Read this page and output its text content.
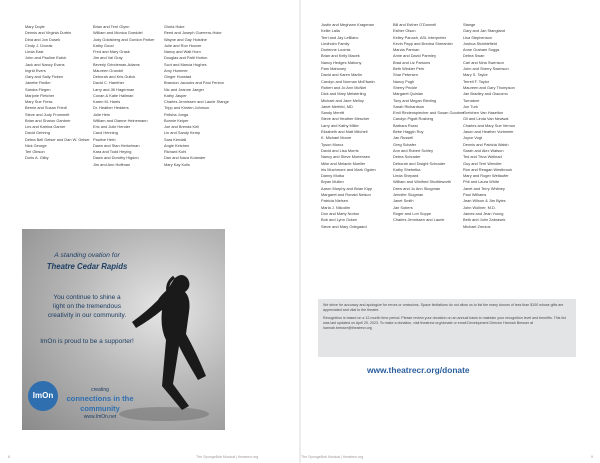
Mary Doyle
Dennis and Virginia Durbin
Dina and Jon Dusek
Cindy J. Dvorak
Linda East
John and Pauline Ewick
Jack and Nancy Evans
Ingrid Evers
Gary and Sally Ficken
Janette Fiedler
Sandra Fiegen
Marjorie Fletcher
Mary Sue Fress
Bernie and Susan Friedl
Steve and Judy Frommelt
Brian and Sharon Gardner
Les and Katrina Garner
David Gehring
Debra Bell Geiser and Dan W. Geiser
Nick George
Teri Gibson
Doris A. Gilby
Brian and Terri Glynn
William and Monica Goeddel
Judy Goldsberg and Gordon Parker
Kathy Good
Fred and Mary Grask
Jim and Val Gray
Beverly Grindeman-Adams
Maureen Grundel
Deborah and Kris Gulick
David C. Haerther
Larry and Jill Hagerman
Conan & Katie Hallman
Karen M. Harris
Dr. Heather Hedders
Julie Hein
William and Dianne Heinemann
Eric and Julie Hender
Carol Henning
Pauline Herb
Dawn and Stan Herkelman
Kara and Todd Heying
Dawn and Dorothy Higdon
Jim and Ann Hoffman
Gloria Hoke
Reed and Joseph Guerrero-Hoke
Wayne and Gay Holstine
Julie and Ron Hoover
Nancy and Walt Horn
Douglas and Patti Horton
Scot and Marcia Hughes
Amy Hummer
Ginger Hunstad
Brandon Jacoubs and Paul Fenton
Nic and Jeanne Jaeger
Kathy Jasper
Charles Jennissen and Laurie Stange
Tripp and Kristen Johnson
Felisha Junga
Bonnie Keiper
Joe and Brenda Kell
Lin and Sandy Kemp
Sara Kendall
Angie Ketchen
Richard Kohl
Dan and Nava Kolander
Mary Kay Kolls
A standing ovation for
Theatre Cedar Rapids
You continue to shine a
light on the tremendous
creativity in our community.
ImOn is proud to be a supporter!
ImOn
creating
connections in the
community
www.ImOn.net
8	The SpongeBob Musical | theatrecr.org
Justin and Meghann Kragenan
Kellie Laila
Terri and Jay LeBlanc
Lindholm Family
Dorienne Loomis
Brian and Kelly Macek
Nancy Hedges Mahony
Pam Mahoney
David and Karen Martin
Carolyn and Norman McElwain
Robert and Jo Ann McNiel
Dick and Mary Meisterling
Michael and Jane Melloy
Janet Merfeld, MD
Sandy Merritt
Steve and Heather Mescher
Larry and Kathy Miller
Elizabeth and Matt Mitchell
K. Michael Moore
Tyson Moroz
David and Lisa Morris
Nancy and Steve Mortensen
Mike and Melanie Mueller
Iris Muchmore and Mark Ogden
Danny Mutka
Bryan Mullen
Aaron Murphy and Brian Kipp
Margaret and Ronald Nelson
Patricia Nielsen
Marla J. Nikodim
Don and Marty Norton
Bob and Lynn Ocken
Steve and Mary Odegaard
Bill and Esther O'Donnell
Esther Olson
Kelley Panosh, ASL Interpreter
Kevin Papp and Bredna Sheranich
Marcia Parman
Anne and David Parmley
Brad and Liz Parsons
Beth Winkler Pehr
Shar Petersen
Nancy Pugh
Sherry Prickle
Margaret Quinlan
Tony and Megan Rieding
Sarah Richardson
Emil Rindenspiecher and Susan Goodner
Carolyn Pigott Rosberg
Barbara Rossi
Bebe Haggin Roy
Jan Russell
Greg Schafer
Ann and Robert Schley
Debra Schrader
Deborah and Dwight Schrader
Kathy Shebetka
Linda Shepard
William and Winifred Shuttleworth
Drew and Jo Ann Skogman
Jennifer Slogman
Janet Smith
Jan Sobers
Roger and Lori Soppe
Charles Jennissen and Laurie
Stange
Gary and Jan Stangland
Lisa Stephenson
Joshua Stubblefield
Anne Graham Suggs
Debra Swan
Carl and Nina Swenson
John and Sherry Swenson
Mary S. Taylor
Terrell F. Taylor
Maureen and Gary Thompson
Jan Bradley and Giacomo
Tornatore
Jon Turk
Gretchen Van Haselton
Gil and Linda Van Newwal
Charles and Mary Sue Vernon
Jason and Heather Vortmeier
Joyce Vogt
Dennis and Patricia Walsh
Sarah and Alex Watson
Ted and Trina Weilead
Guy and Terri Wendler
Ron and Reagan Westbrook
Mary and Roger Wetlaufer
Phil and Laura White
Janet and Terry Whitney
Paul Williams
Jean Wilson & Jim Byles
John Wollner, M.D.
James and Jean Young
Beth and John Zabrasek
Michael Zmrzos

We strive for accuracy and apologize for errors or omissions. Space limitations do not allow us to list the many donors of less than $100 whose gifts are appreciated and vital to the theatre.

Recognition is based on a 12-month time period. Please review your donation on an annual basis to maintain your recognition level and benefits. This list was last updated on April 20, 2023. To make a donation, visit theatrecr.org/donate or email Development Director Hannah Bresser at hannah.bresser@theatrecr.org

www.theatrecr.org/donate
The SpongeBob Musical | theatrecr.org	9
